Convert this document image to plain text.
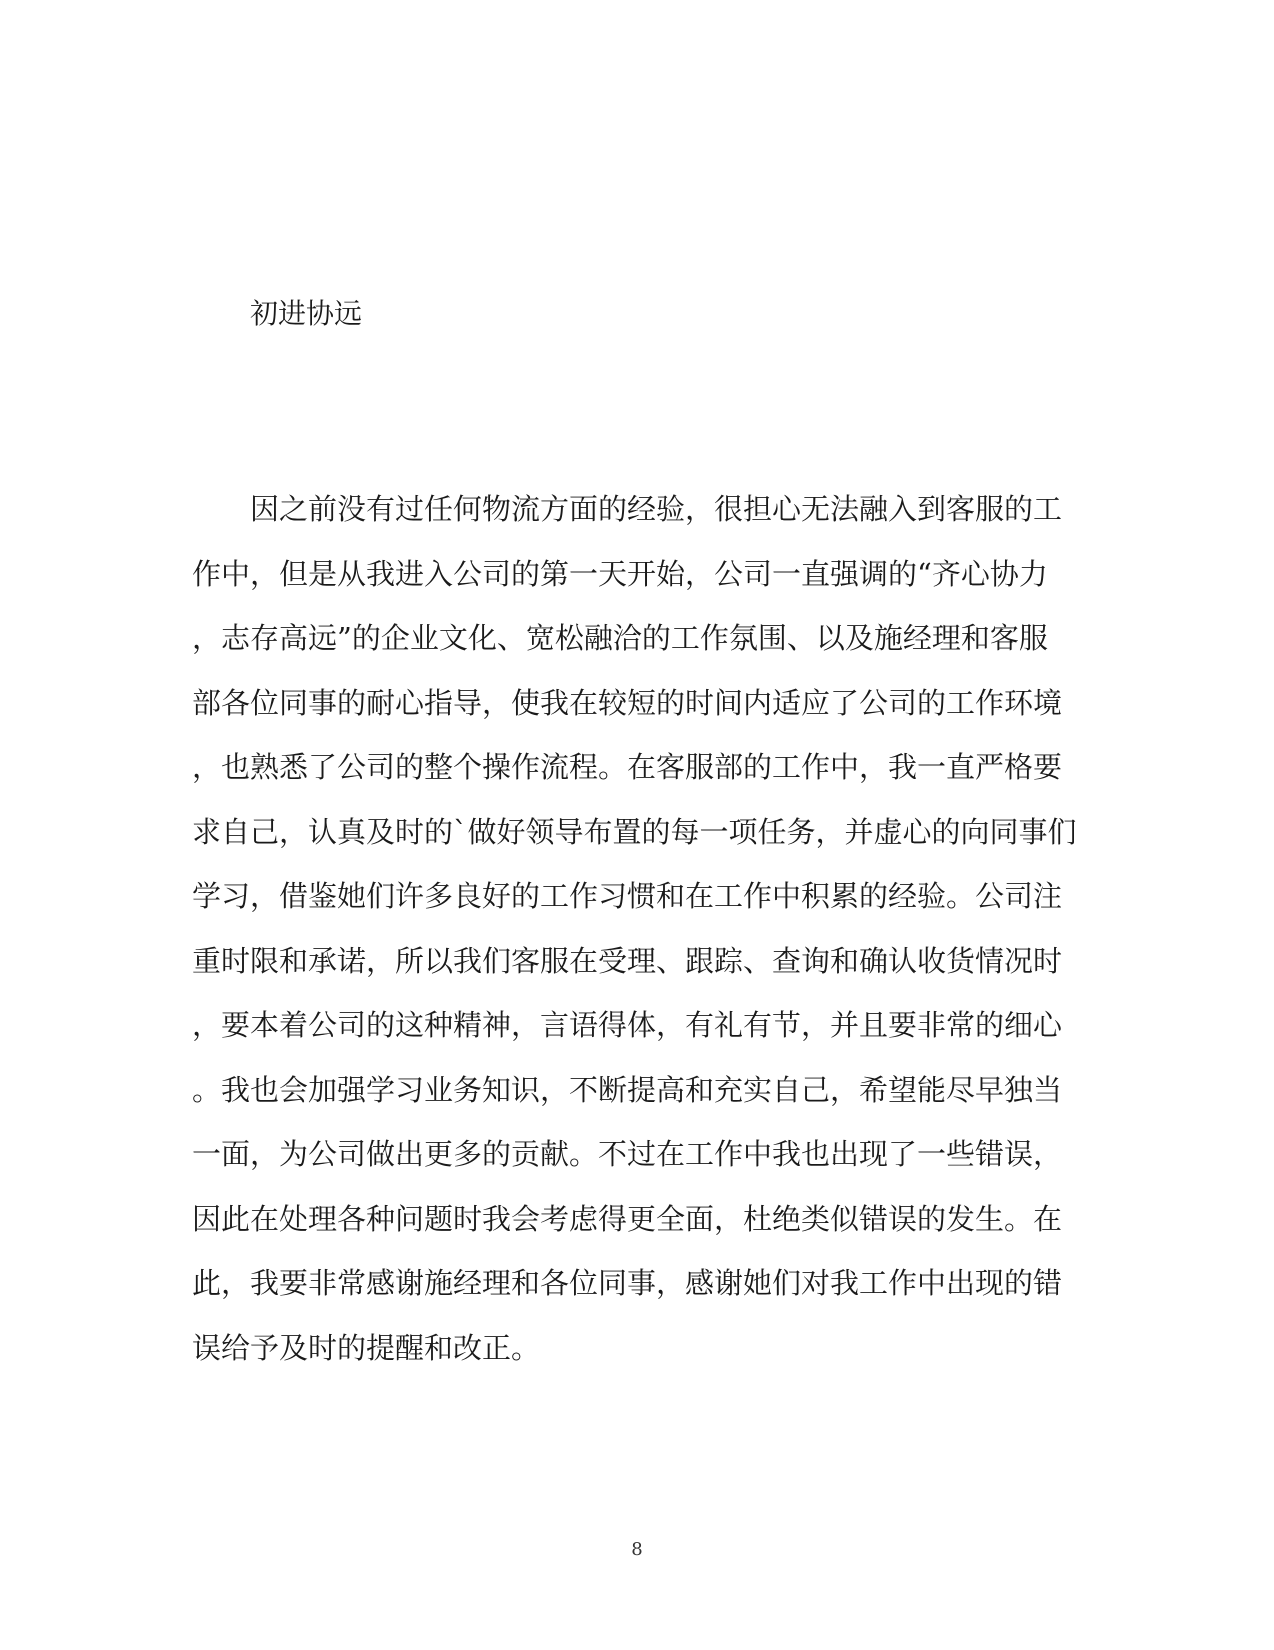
初进协远
　　因之前没有过任何物流方面的经验，很担心无法融入到客服的工
作中，但是从我进入公司的第一天开始，公司一直强调的“齐心协力
，志存高远”的企业文化、宽松融洽的工作氛围、以及施经理和客服
部各位同事的耐心指导，使我在较短的时间内适应了公司的工作环境
，也熟悉了公司的整个操作流程。在客服部的工作中，我一直严格要
求自己，认真及时的`做好领导布置的每一项任务，并虚心的向同事们
学习，借鉴她们许多良好的工作习惯和在工作中积累的经验。公司注
重时限和承诺，所以我们客服在受理、跟踪、查询和确认收货情况时
，要本着公司的这种精神，言语得体，有礼有节，并且要非常的细心
。我也会加强学习业务知识，不断提高和充实自己，希望能尽早独当
一面，为公司做出更多的贡献。不过在工作中我也出现了一些错误，
因此在处理各种问题时我会考虑得更全面，杜绝类似错误的发生。在
此，我要非常感谢施经理和各位同事，感谢她们对我工作中出现的错
误给予及时的提醒和改正。
8
